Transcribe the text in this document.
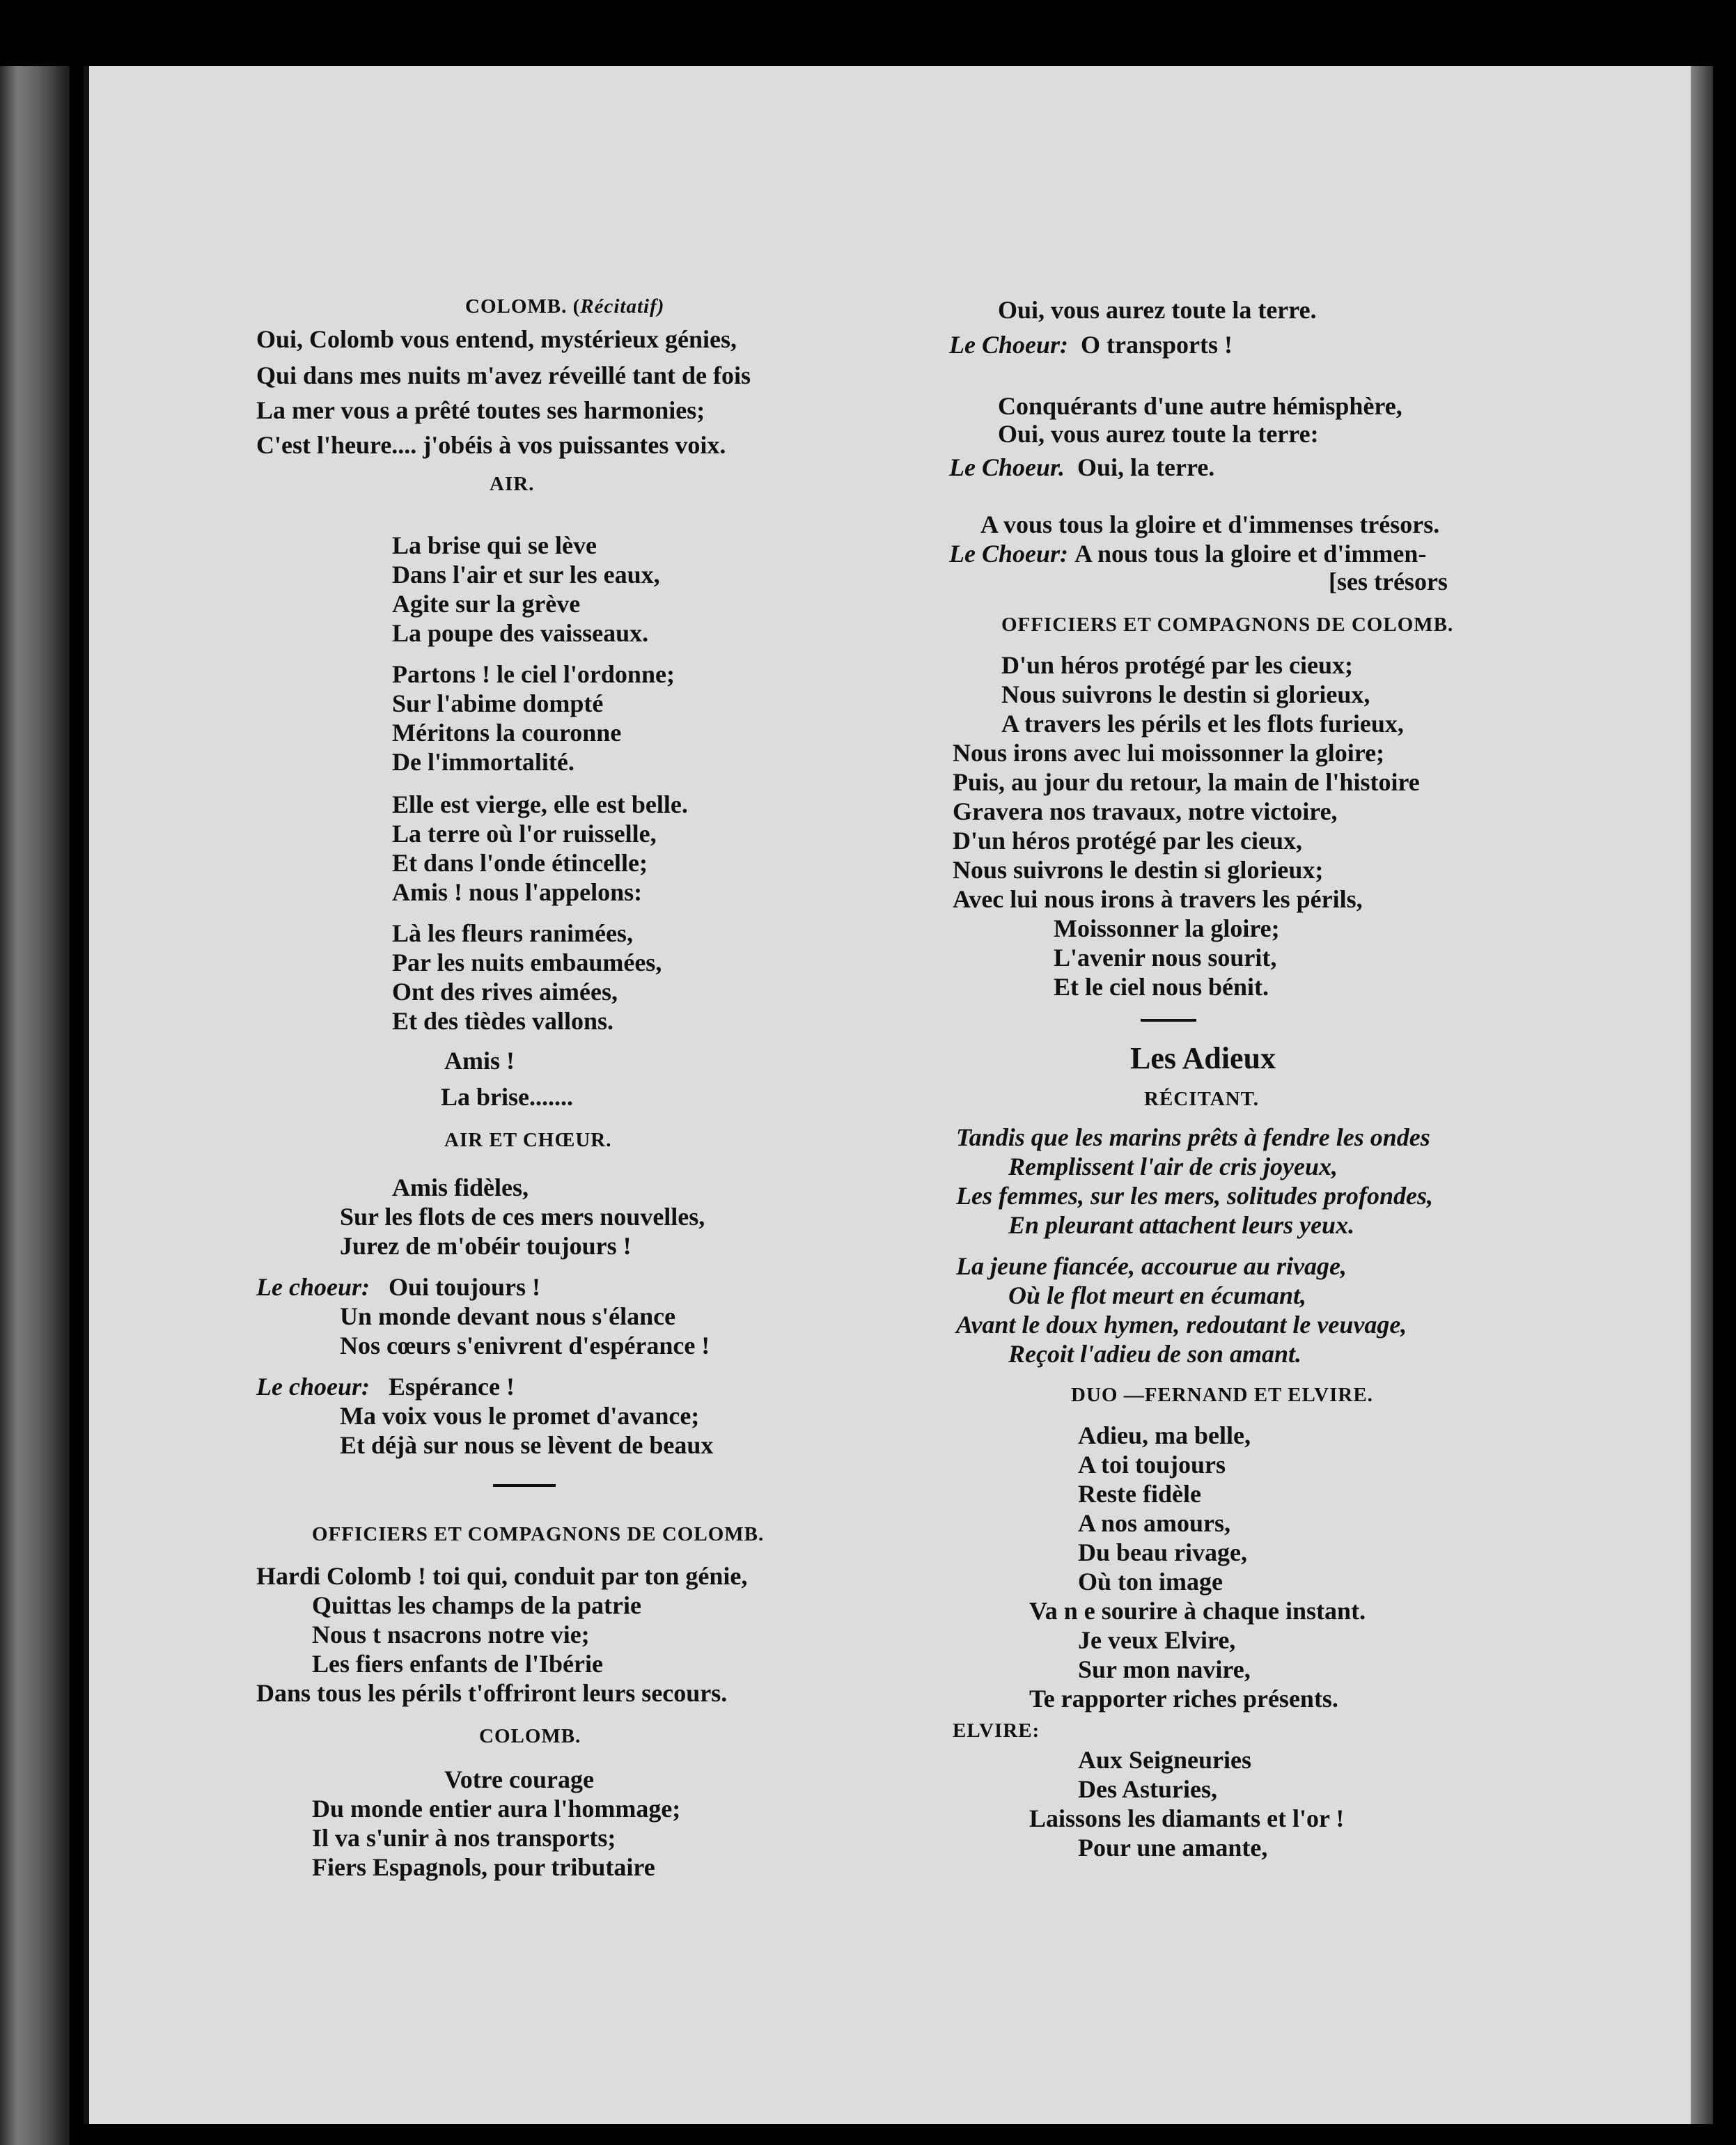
COLOMB. (Récitatif)
Oui, Colomb vous entend, mystérieux génies,
Qui dans mes nuits m'avez réveillé tant de fois
La mer vous a prêté toutes ses harmonies;
C'est l'heure.... j'obéis à vos puissantes voix.
AIR.
La brise qui se lève
Dans l'air et sur les eaux,
Agite sur la grève
La poupe des vaisseaux.
Partons ! le ciel l'ordonne;
Sur l'abime dompté
Méritons la couronne
De l'immortalité.
Elle est vierge, elle est belle.
La terre où l'or ruisselle,
Et dans l'onde étincelle;
Amis ! nous l'appelons:
Là les fleurs ranimées,
Par les nuits embaumées,
Ont des rives aimées,
Et des tièdes vallons.
Amis !
La brise.......
AIR ET CHŒUR.
Amis fidèles,
Sur les flots de ces mers nouvelles,
Jurez de m'obéir toujours !
Le choeur: Oui toujours !
Un monde devant nous s'élance
Nos cœurs s'enivrent d'espérance !
Le choeur: Espérance !
Ma voix vous le promet d'avance;
Et déjà sur nous se lèvent de beaux
OFFICIERS ET COMPAGNONS DE COLOMB.
Hardi Colomb ! toi qui, conduit par ton génie,
Quittas les champs de la patrie
Nous t nsacrons notre vie;
Les fiers enfants de l'Ibérie
Dans tous les périls t'offriront leurs secours.
COLOMB.
Votre courage
Du monde entier aura l'hommage;
Il va s'unir à nos transports;
Fiers Espagnols, pour tributaire
Oui, vous aurez toute la terre.
Le Choeur: O transports !
Conquérants d'une autre hémisphère,
Oui, vous aurez toute la terre:
Le Choeur. Oui, la terre.
A vous tous la gloire et d'immenses trésors.
Le Choeur: A nous tous la gloire et d'immen-
[ses trésors
OFFICIERS ET COMPAGNONS DE COLOMB.
D'un héros protégé par les cieux;
Nous suivrons le destin si glorieux,
A travers les périls et les flots furieux,
Nous irons avec lui moissonner la gloire;
Puis, au jour du retour, la main de l'histoire
Gravera nos travaux, notre victoire,
D'un héros protégé par les cieux,
Nous suivrons le destin si glorieux;
Avec lui nous irons à travers les périls,
Moissonner la gloire;
L'avenir nous sourit,
Et le ciel nous bénit.
Les Adieux
RÉCITANT.
Tandis que les marins prêts à fendre les ondes
Remplissent l'air de cris joyeux,
Les femmes, sur les mers, solitudes profondes,
En pleurant attachent leurs yeux.
La jeune fiancée, accourue au rivage,
Où le flot meurt en écumant,
Avant le doux hymen, redoutant le veuvage,
Reçoit l'adieu de son amant.
DUO —FERNAND ET ELVIRE.
Adieu, ma belle,
A toi toujours
Reste fidèle
A nos amours,
Du beau rivage,
Où ton image
Va n e sourire à chaque instant.
Je veux Elvire,
Sur mon navire,
Te rapporter riches présents.
ELVIRE:
Aux Seigneuries
Des Asturies,
Laissons les diamants et l'or !
Pour une amante,
